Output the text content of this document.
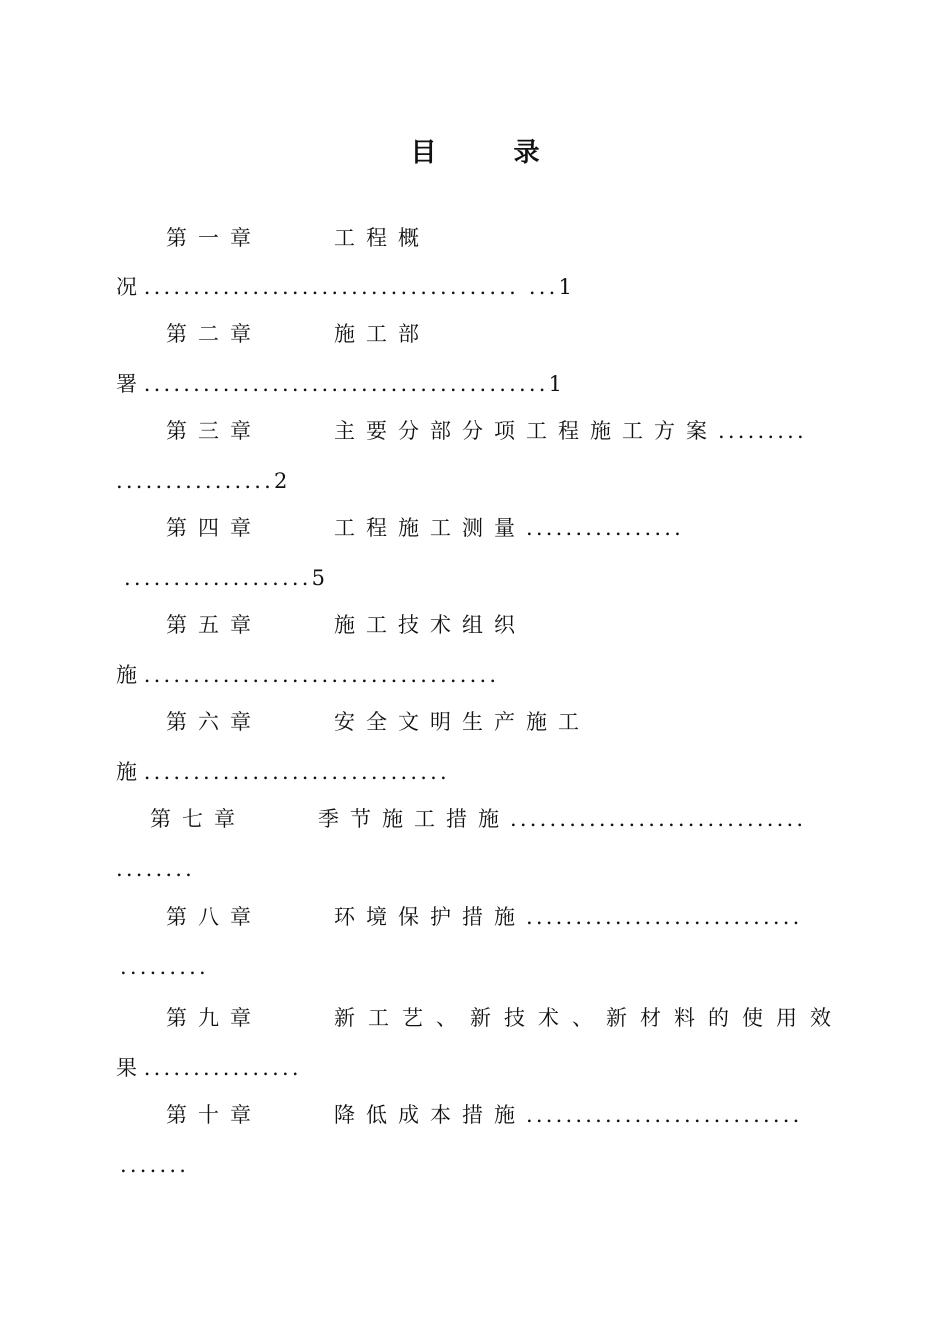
目 录
第一章	工程概
况 ...................................... ...1
第二章	施工部
署 .........................................1
第三章	主要分部分项工程施工方案.........
................2
第四章	工程施工测量................
...................5
第五章	施工技术组织
施 ....................................
第六章	安全文明生产施工
施 ...............................
第七章	季节施工措施..............................
........
第八章	环境保护措施............................
.........
第九章	新工艺、新技术、新材料的使用效
果 ................
第十章	降低成本措施............................
.......
